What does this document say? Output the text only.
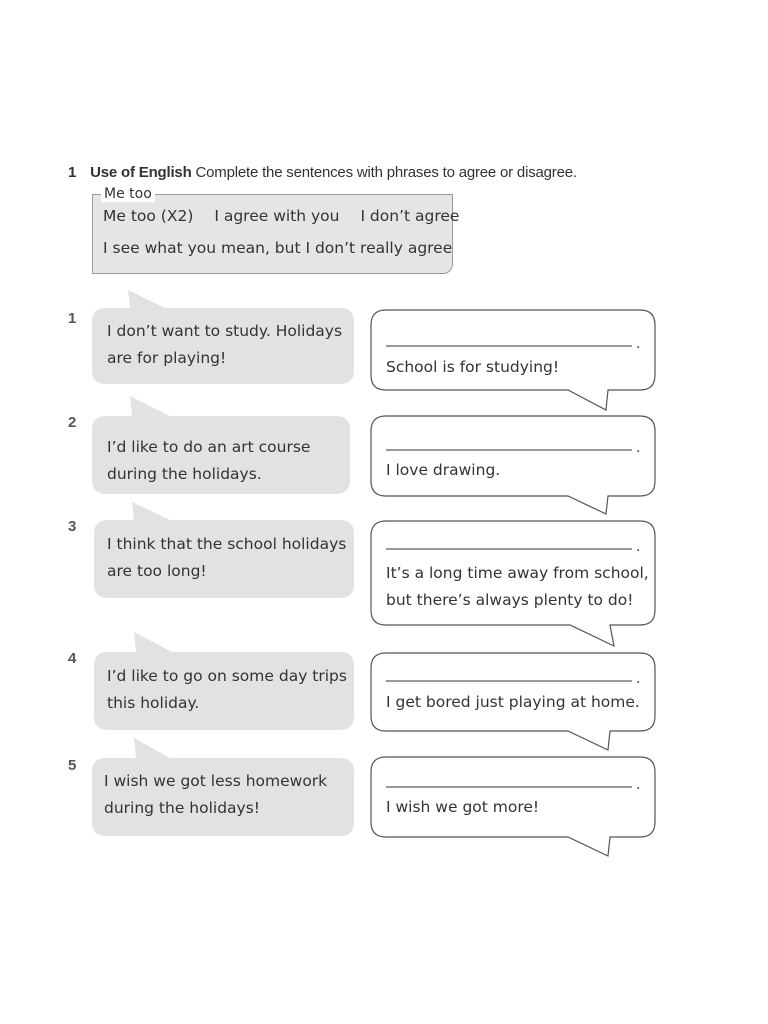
1 Use of English Complete the sentences with phrases to agree or disagree.
Me too
Me too (X2) I agree with you I don’t agree
I see what you mean, but I don’t really agree
1
2
3
4
5
I don’t want to study. Holidays
are for playing!
I’d like to do an art course
during the holidays.
I think that the school holidays
are too long!
I’d like to go on some day trips
this holiday.
I wish we got less homework
during the holidays!
.
.
.
.
.
School is for studying!
I love drawing.
It’s a long time away from school,
but there’s always plenty to do!
I get bored just playing at home.
I wish we got more!
